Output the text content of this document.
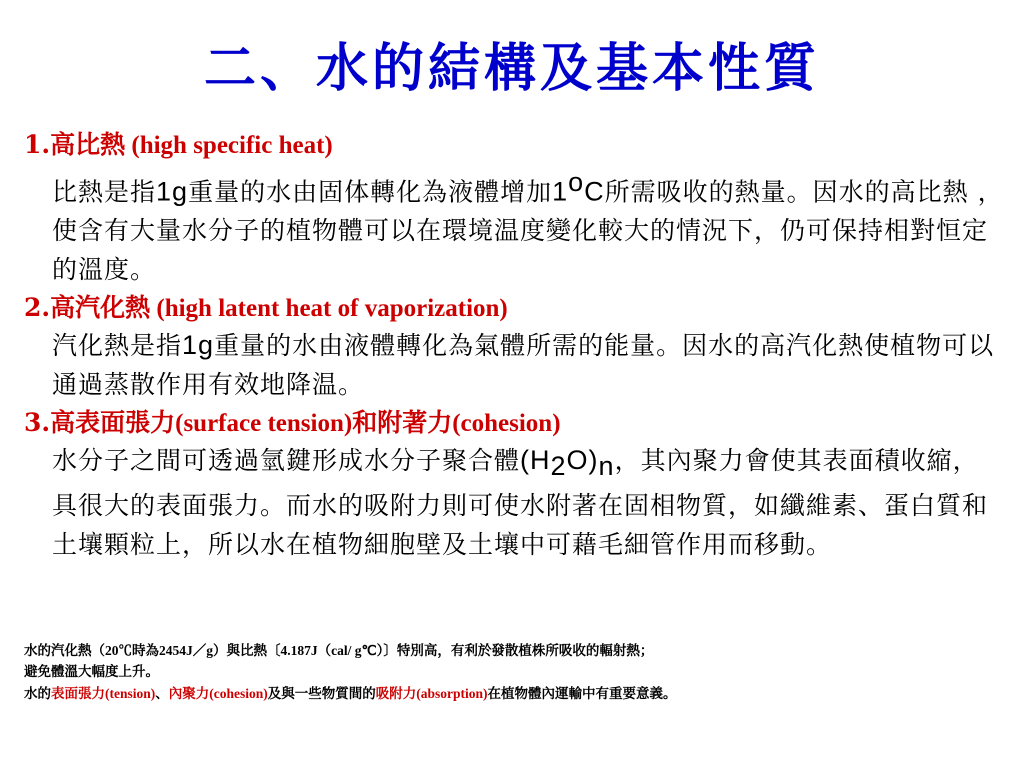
二、水的結構及基本性質
1.高比熱 (high specific heat)
比熱是指1g重量的水由固体轉化為液體增加1$^o$C所需吸收的熱量。因水的高比熱 ，使含有大量水分子的植物體可以在環境温度變化較大的情況下，仍可保持相對恒定的溫度。
2.高汽化熱 (high latent heat of vaporization)
汽化熱是指1g重量的水由液體轉化為氣體所需的能量。因水的高汽化熱使植物可以通過蒸散作用有效地降温。
3.高表面張力(surface tension)和附著力(cohesion)
水分子之間可透過氫鍵形成水分子聚合體$(H_2O)_n$，其內聚力會使其表面積收縮，具很大的表面張力。而水的吸附力則可使水附著在固相物質，如纖維素、蛋白質和土壤顆粒上，所以水在植物細胞壁及土壤中可藉毛細管作用而移動。
水的汽化熱（20℃時為2454J／g）與比熱〔4.187J（cal/ g℃）〕特別高，有利於發散植株所吸收的輻射熱；
避免體溫大幅度上升。
水的表面張力(tension)、內聚力(cohesion)及與一些物質間的吸附力(absorption)在植物體內運輸中有重要意義。
